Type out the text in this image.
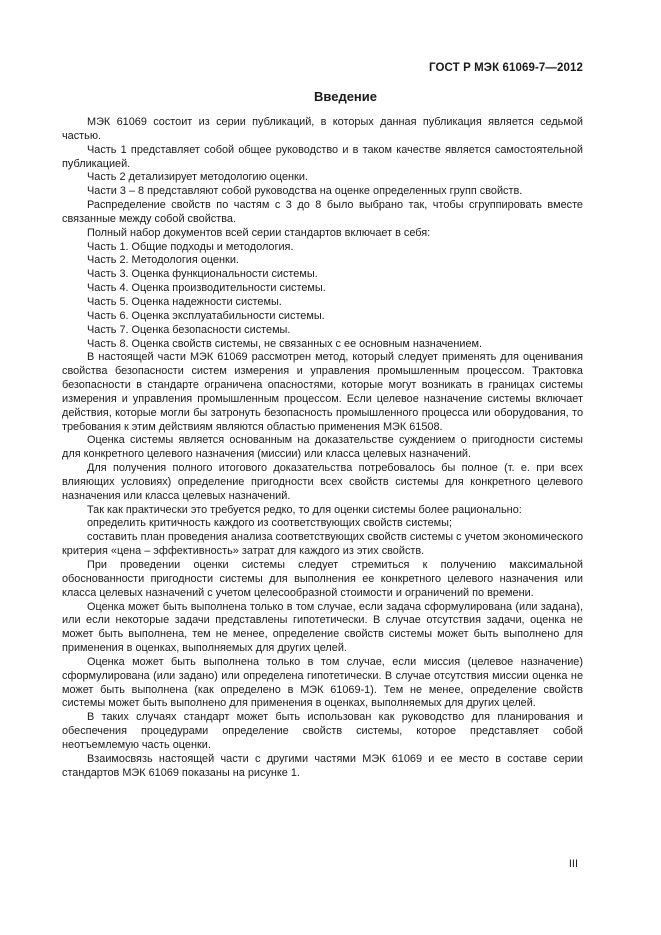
ГОСТ Р МЭК 61069-7—2012
Введение

МЭК 61069 состоит из серии публикаций, в которых данная публикация является седьмой частью.

Часть 1 представляет собой общее руководство и в таком качестве является самостоятельной публикацией.

Часть 2 детализирует методологию оценки.

Части 3 – 8 представляют собой руководства на оценке определенных групп свойств.

Распределение свойств по частям с 3 до 8 было выбрано так, чтобы сгруппировать вместе связанные между собой свойства.

Полный набор документов всей серии стандартов включает в себя:

Часть 1. Общие подходы и методология.

Часть 2. Методология оценки.

Часть 3. Оценка функциональности системы.

Часть 4. Оценка производительности системы.

Часть 5. Оценка надежности системы.

Часть 6. Оценка эксплуатабильности системы.

Часть 7. Оценка безопасности системы.

Часть 8. Оценка свойств системы, не связанных с ее основным назначением.

В настоящей части МЭК 61069 рассмотрен метод, который следует применять для оценивания свойства безопасности систем измерения и управления промышленным процессом. Трактовка безопасности в стандарте ограничена опасностями, которые могут возникать в границах системы измерения и управления промышленным процессом. Если целевое назначение системы включает действия, которые могли бы затронуть безопасность промышленного процесса или оборудования, то требования к этим действиям являются областью применения МЭК 61508.

Оценка системы является основанным на доказательстве суждением о пригодности системы для конкретного целевого назначения (миссии) или класса целевых назначений.

Для получения полного итогового доказательства потребовалось бы полное (т. е. при всех влияющих условиях) определение пригодности всех свойств системы для конкретного целевого назначения или класса целевых назначений.

Так как практически это требуется редко, то для оценки системы более рационально:

определить критичность каждого из соответствующих свойств системы;

составить план проведения анализа соответствующих свойств системы с учетом экономического критерия «цена – эффективность» затрат для каждого из этих свойств.

При проведении оценки системы следует стремиться к получению максимальной обоснованности пригодности системы для выполнения ее конкретного целевого назначения или класса целевых назначений с учетом целесообразной стоимости и ограничений по времени.

Оценка может быть выполнена только в том случае, если задача сформулирована (или задана), или если некоторые задачи представлены гипотетически. В случае отсутствия задачи, оценка не может быть выполнена, тем не менее, определение свойств системы может быть выполнено для применения в оценках, выполняемых для других целей.

Оценка может быть выполнена только в том случае, если миссия (целевое назначение) сформулирована (или задано) или определена гипотетически. В случае отсутствия миссии оценка не может быть выполнена (как определено в МЭК 61069-1). Тем не менее, определение свойств системы может быть выполнено для применения в оценках, выполняемых для других целей.

В таких случаях стандарт может быть использован как руководство для планирования и обеспечения процедурами определение свойств системы, которое представляет собой неотъемлемую часть оценки.

Взаимосвязь настоящей части с другими частями МЭК 61069 и ее место в составе серии стандартов МЭК 61069 показаны на рисунке 1.

III
